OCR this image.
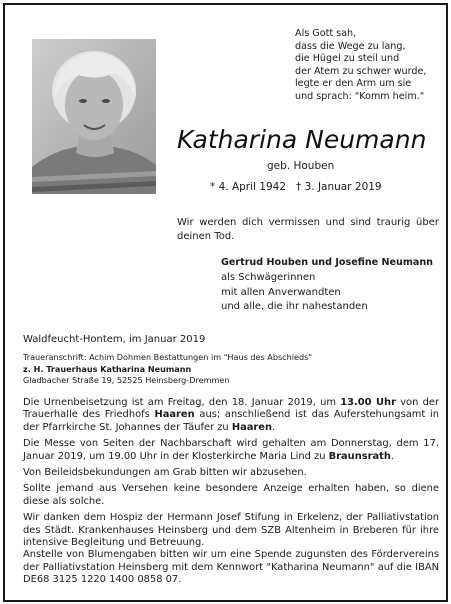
Als Gott sah,
dass die Wege zu lang,
die Hügel zu steil und
der Atem zu schwer wurde,
legte er den Arm um sie
und sprach: "Komm heim."
Katharina Neumann
geb. Houben
* 4. April 1942 † 3. Januar 2019
Wir werden dich vermissen und sind traurig über deinen Tod.
Gertrud Houben und Josefine Neumann
als Schwägerinnen
mit allen Anverwandten
und alle, die ihr nahestanden
Waldfeucht-Hontem, im Januar 2019
Traueranschrift: Achim Dohmen Bestattungen im "Haus des Abschieds"
z. H. Trauerhaus Katharina Neumann
Gladbacher Straße 19, 52525 Heinsberg-Dremmen

Die Urnenbeisetzung ist am Freitag, den 18. Januar 2019, um 13.00 Uhr von der Trauerhalle des Friedhofs Haaren aus; anschließend ist das Auferstehungsamt in der Pfarrkirche St. Johannes der Täufer zu Haaren.

Die Messe von Seiten der Nachbarschaft wird gehalten am Donnerstag, dem 17. Januar 2019, um 19.00 Uhr in der Klosterkirche Maria Lind zu Braunsrath.

Von Beileidsbekundungen am Grab bitten wir abzusehen.

Sollte jemand aus Versehen keine besondere Anzeige erhalten haben, so diene diese als solche.

Wir danken dem Hospiz der Hermann Josef Stifung in Erkelenz, der Palliativstation des Städt. Krankenhauses Heinsberg und dem SZB Altenheim in Breberen für ihre intensive Begleitung und Betreuung.

Anstelle von Blumengaben bitten wir um eine Spende zugunsten des Fördervereins der Palliativstation Heinsberg mit dem Kennwort "Katharina Neumann" auf die IBAN DE68 3125 1220 1400 0858 07.
